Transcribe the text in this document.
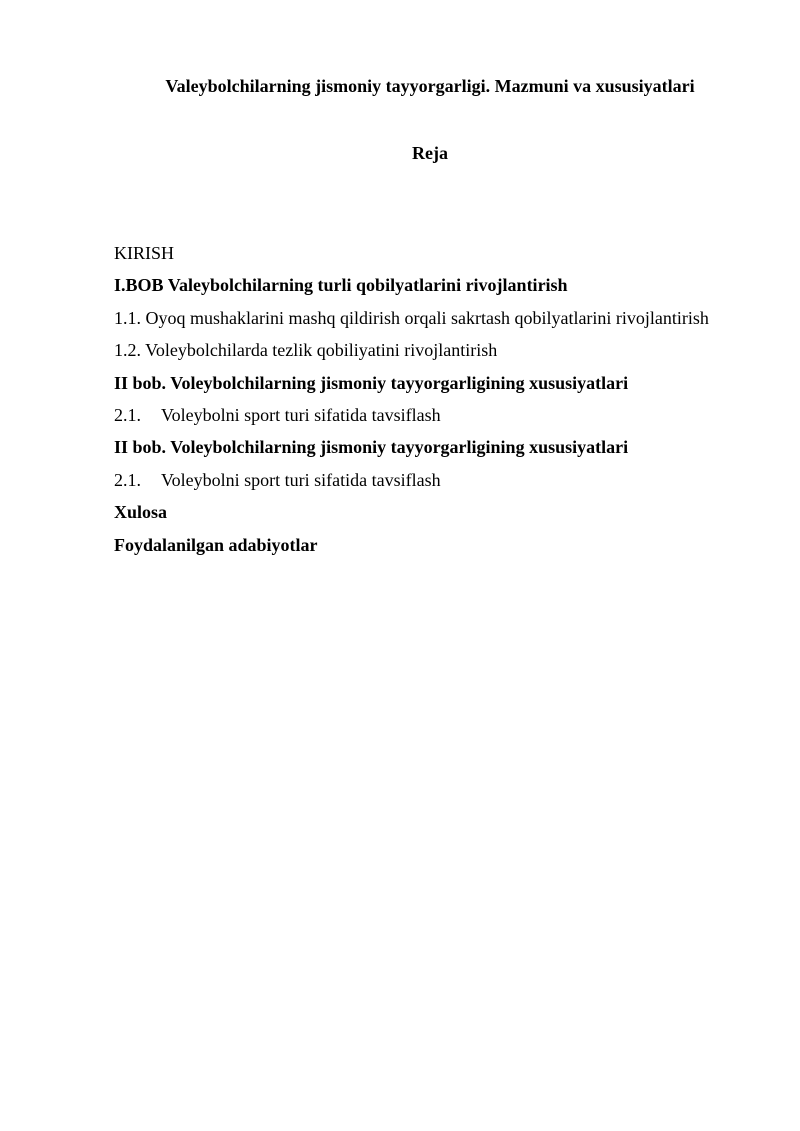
Valeybolchilarning jismoniy tayyorgarligi. Mazmuni va xususiyatlari
Reja
KIRISH
I.BOB Valeybolchilarning turli qobilyatlarini rivojlantirish
1.1. Oyoq mushaklarini mashq qildirish orqali sakrtash qobilyatlarini rivojlantirish
1.2. Voleybolchilarda tezlik qobiliyatini rivojlantirish
II bob. Voleybolchilarning jismoniy tayyorgarligining xususiyatlari
2.1. Voleybolni sport turi sifatida tavsiflash
II bob. Voleybolchilarning jismoniy tayyorgarligining xususiyatlari
2.1. Voleybolni sport turi sifatida tavsiflash
Xulosa
Foydalanilgan adabiyotlar
